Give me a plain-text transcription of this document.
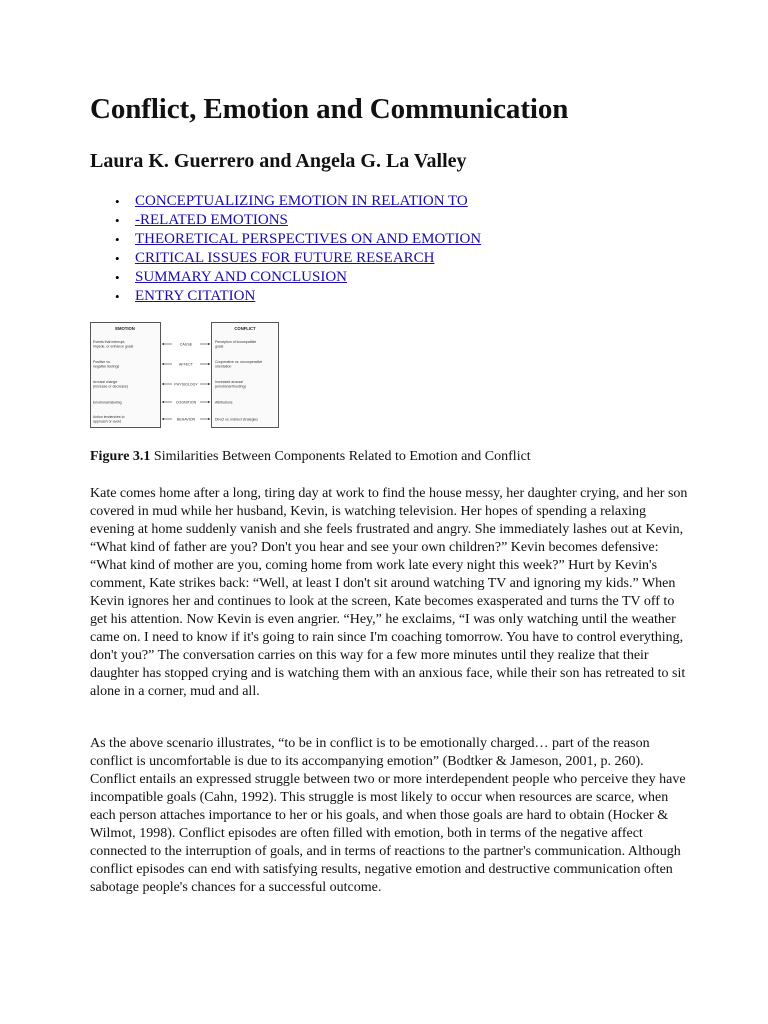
Conflict, Emotion and Communication
Laura K. Guerrero and Angela G. La Valley
• CONCEPTUALIZING EMOTION IN RELATION TO
• -RELATED EMOTIONS
• THEORETICAL PERSPECTIVES ON AND EMOTION
• CRITICAL ISSUES FOR FUTURE RESEARCH
• SUMMARY AND CONCLUSION
• ENTRY CITATION
EMOTION	CONFLICT
Events that interrupt,
impede, or enhance goals
Perception of incompatible
goals
CAUSE
Positive vs.
negative feelings
Cooperative vs. uncooperative
orientation
AFFECT
Arousal change
(increase or decrease)
Increased arousal
(emotional flooding)
PHYSIOLOGY
Emotional labeling	Attributions
COGNITION
Action tendencies to
approach or avoid
Direct vs. indirect strategies
BEHAVIOR

Figure 3.1 Similarities Between Components Related to Emotion and Conflict

Kate comes home after a long, tiring day at work to find the house messy, her daughter crying, and her son covered in mud while her husband, Kevin, is watching television. Her hopes of spending a relaxing evening at home suddenly vanish and she feels frustrated and angry. She immediately lashes out at Kevin, “What kind of father are you? Don't you hear and see your own children?” Kevin becomes defensive: “What kind of mother are you, coming home from work late every night this week?” Hurt by Kevin's comment, Kate strikes back: “Well, at least I don't sit around watching TV and ignoring my kids.” When Kevin ignores her and continues to look at the screen, Kate becomes exasperated and turns the TV off to get his attention. Now Kevin is even angrier. “Hey,” he exclaims, “I was only watching until the weather came on. I need to know if it's going to rain since I'm coaching tomorrow. You have to control everything, don't you?” The conversation carries on this way for a few more minutes until they realize that their daughter has stopped crying and is watching them with an anxious face, while their son has retreated to sit alone in a corner, mud and all.

As the above scenario illustrates, “to be in conflict is to be emotionally charged… part of the reason conflict is uncomfortable is due to its accompanying emotion” (Bodtker & Jameson, 2001, p. 260). Conflict entails an expressed struggle between two or more interdependent people who perceive they have incompatible goals (Cahn, 1992). This struggle is most likely to occur when resources are scarce, when each person attaches importance to her or his goals, and when those goals are hard to obtain (Hocker & Wilmot, 1998). Conflict episodes are often filled with emotion, both in terms of the negative affect connected to the interruption of goals, and in terms of reactions to the partner's communication. Although conflict episodes can end with satisfying results, negative emotion and destructive communication often sabotage people's chances for a successful outcome.
